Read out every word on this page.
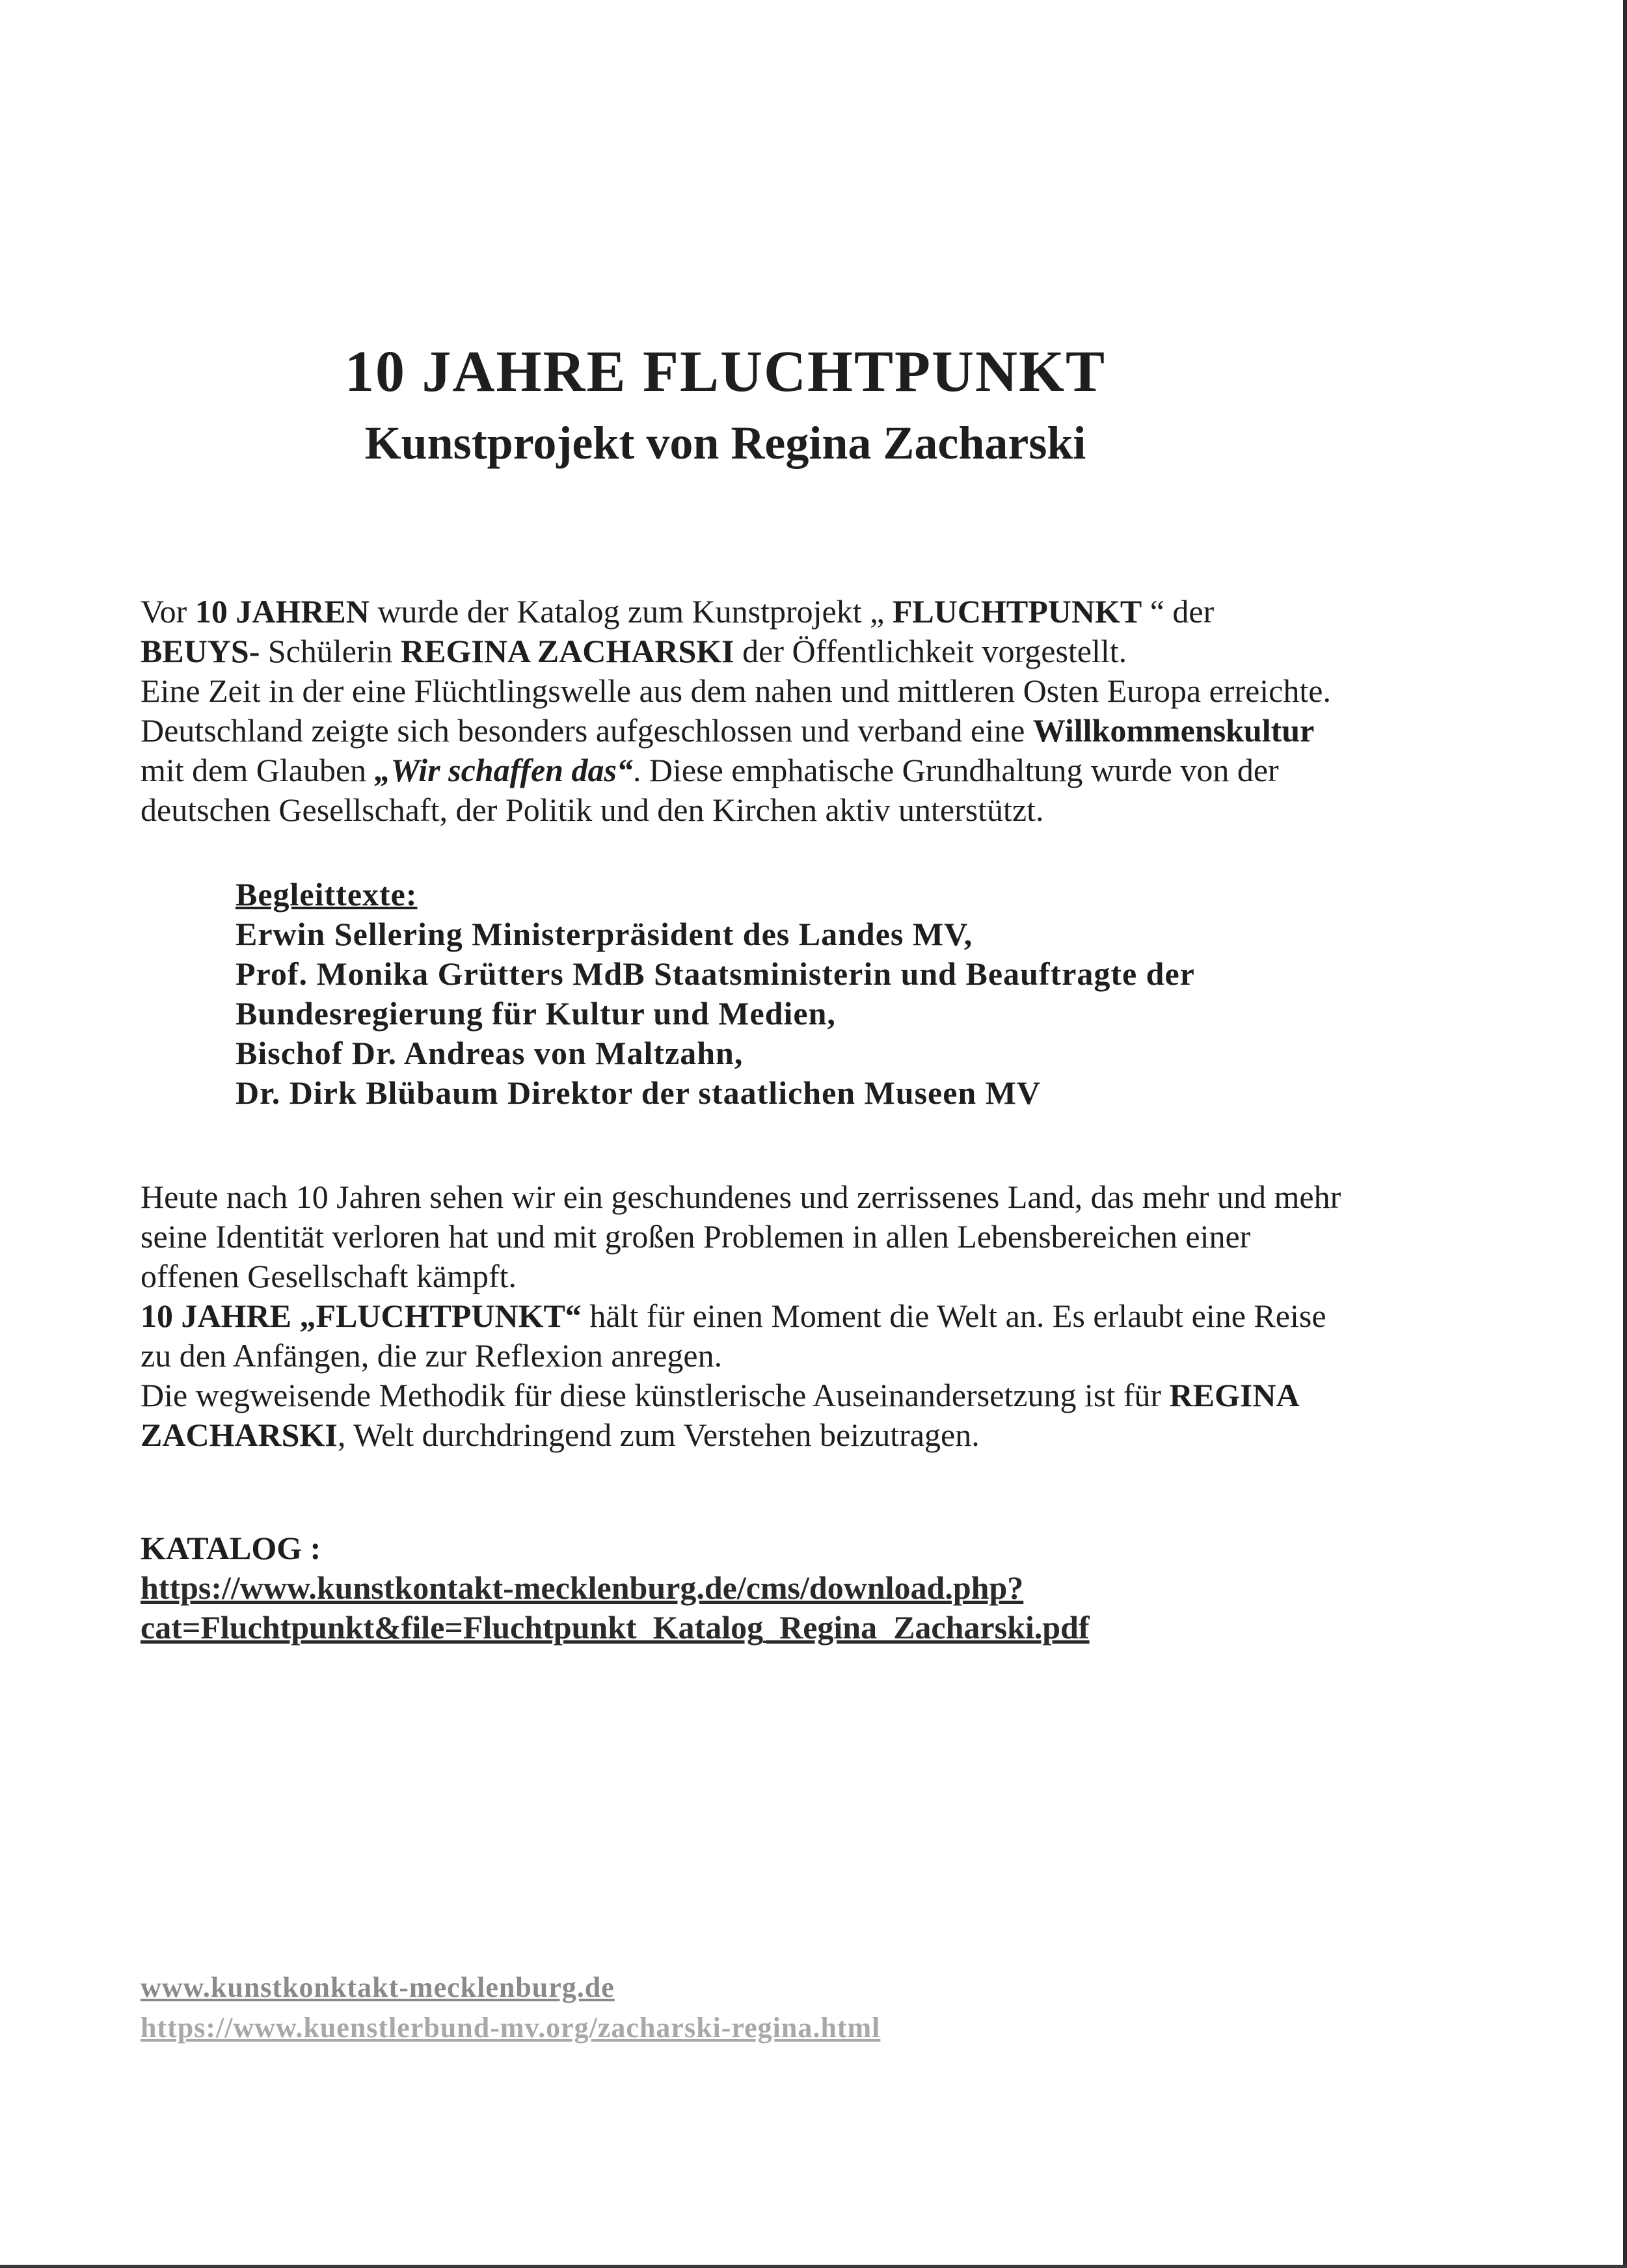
10 JAHRE FLUCHTPUNKT
Kunstprojekt von Regina Zacharski
Vor 10 JAHREN wurde der Katalog zum Kunstprojekt „ FLUCHTPUNKT “ der
BEUYS- Schülerin REGINA ZACHARSKI der Öffentlichkeit vorgestellt.
Eine Zeit in der eine Flüchtlingswelle aus dem nahen und mittleren Osten Europa erreichte.
Deutschland zeigte sich besonders aufgeschlossen und verband eine Willkommenskultur
mit dem Glauben „Wir schaffen das“. Diese emphatische Grundhaltung wurde von der
deutschen Gesellschaft, der Politik und den Kirchen aktiv unterstützt.
Begleittexte:
Erwin Sellering Ministerpräsident des Landes MV,
Prof. Monika Grütters MdB Staatsministerin und Beauftragte der
Bundesregierung für Kultur und Medien,
Bischof Dr. Andreas von Maltzahn,
Dr. Dirk Blübaum Direktor der staatlichen Museen MV
Heute nach 10 Jahren sehen wir ein geschundenes und zerrissenes Land, das mehr und mehr
seine Identität verloren hat und mit großen Problemen in allen Lebensbereichen einer
offenen Gesellschaft kämpft.
10 JAHRE „FLUCHTPUNKT“ hält für einen Moment die Welt an. Es erlaubt eine Reise
zu den Anfängen, die zur Reflexion anregen.
Die wegweisende Methodik für diese künstlerische Auseinandersetzung ist für REGINA
ZACHARSKI, Welt durchdringend zum Verstehen beizutragen.
KATALOG :
https://www.kunstkontakt-mecklenburg.de/cms/download.php?
cat=Fluchtpunkt&file=Fluchtpunkt_Katalog_Regina_Zacharski.pdf
www.kunstkonktakt-mecklenburg.de
https://www.kuenstlerbund-mv.org/zacharski-regina.html
